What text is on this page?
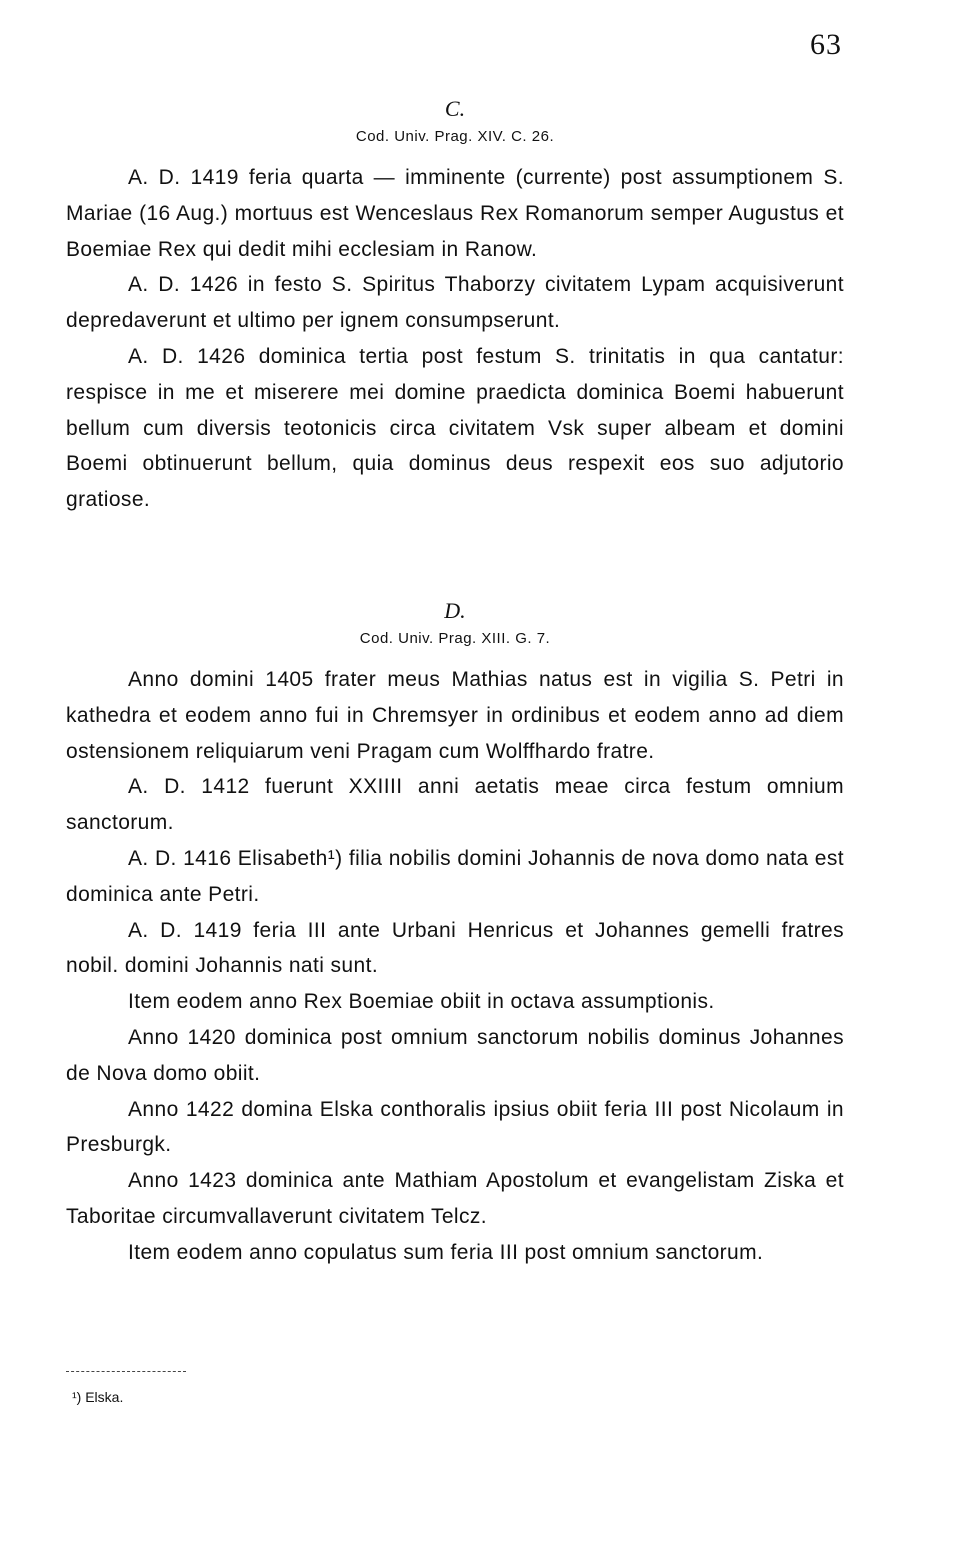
63

C.

Cod. Univ. Prag. XIV. C. 26.

A. D. 1419 feria quarta — imminente (currente) post assumptionem S. Mariae (16 Aug.) mortuus est Wenceslaus Rex Romanorum semper Augustus et Boemiae Rex qui dedit mihi ecclesiam in Ranow.

A. D. 1426 in festo S. Spiritus Thaborzy civitatem Lypam acquisiverunt depredaverunt et ultimo per ignem consumpserunt.

A. D. 1426 dominica tertia post festum S. trinitatis in qua cantatur: respisce in me et miserere mei domine praedicta dominica Boemi habuerunt bellum cum diversis teotonicis circa civitatem Vsk super albeam et domini Boemi obtinuerunt bellum, quia dominus deus respexit eos suo adjutorio gratiose.

D.

Cod. Univ. Prag. XIII. G. 7.

Anno domini 1405 frater meus Mathias natus est in vigilia S. Petri in kathedra et eodem anno fui in Chremsyer in ordinibus et eodem anno ad diem ostensionem reliquiarum veni Pragam cum Wolffhardo fratre.

A. D. 1412 fuerunt XXIIII anni aetatis meae circa festum omnium sanctorum.

A. D. 1416 Elisabeth¹) filia nobilis domini Johannis de nova domo nata est dominica ante Petri.

A. D. 1419 feria III ante Urbani Henricus et Johannes gemelli fratres nobil. domini Johannis nati sunt.

Item eodem anno Rex Boemiae obiit in octava assumptionis.

Anno 1420 dominica post omnium sanctorum nobilis dominus Johannes de Nova domo obiit.

Anno 1422 domina Elska conthoralis ipsius obiit feria III post Nicolaum in Presburgk.

Anno 1423 dominica ante Mathiam Apostolum et evangelistam Ziska et Taboritae circumvallaverunt civitatem Telcz.

Item eodem anno copulatus sum feria III post omnium sanctorum.

¹) Elska.
